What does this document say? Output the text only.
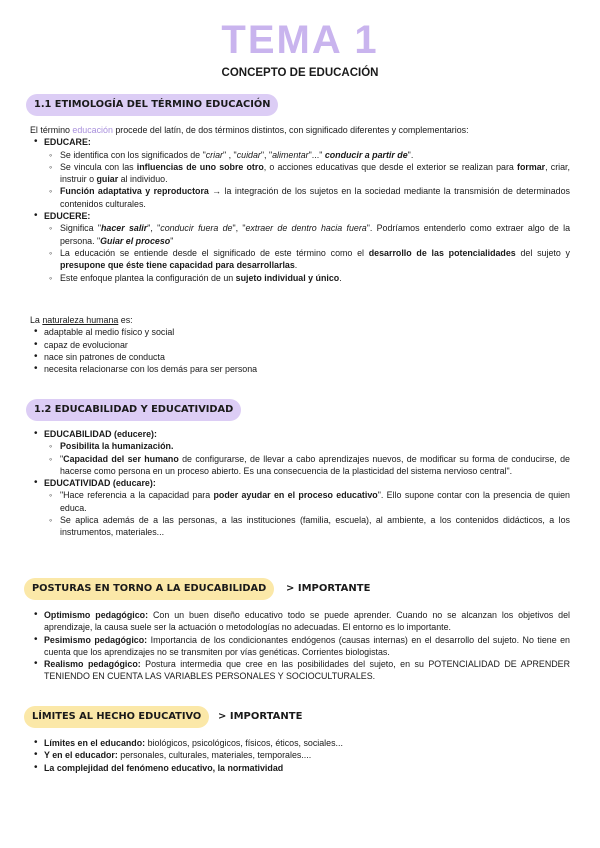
TEMA 1
CONCEPTO DE EDUCACIÓN
1.1 ETIMOLOGÍA DEL TÉRMINO EDUCACIÓN

El término educación procede del latín, de dos términos distintos, con significado diferentes y complementarios:

• EDUCARE:
◦ Se identifica con los significados de "criar" , "cuidar", "alimentar"..." conducir a partir de".
◦ Se vincula con las influencias de uno sobre otro, o acciones educativas que desde el exterior se realizan para formar, criar, instruir o guiar al individuo.
◦ Función adaptativa y reproductora → la integración de los sujetos en la sociedad mediante la transmisión de determinados contenidos culturales.
• EDUCERE:
◦ Significa "hacer salir", "conducir fuera de", "extraer de dentro hacia fuera". Podríamos entenderlo como extraer algo de la persona. "Guiar el proceso"
◦ La educación se entiende desde el significado de este término como el desarrollo de las potencialidades del sujeto y presupone que éste tiene capacidad para desarrollarlas.
◦ Este enfoque plantea la configuración de un sujeto individual y único.

La naturaleza humana es:

• adaptable al medio físico y social
• capaz de evolucionar
• nace sin patrones de conducta
• necesita relacionarse con los demás para ser persona
1.2 EDUCABILIDAD Y EDUCATIVIDAD
• EDUCABILIDAD (educere):
◦ Posibilita la humanización.
◦ "Capacidad del ser humano de configurarse, de llevar a cabo aprendizajes nuevos, de modificar su forma de conducirse, de hacerse como persona en un proceso abierto. Es una consecuencia de la plasticidad del sistema nervioso central".
• EDUCATIVIDAD (educare):
◦ "Hace referencia a la capacidad para poder ayudar en el proceso educativo". Ello supone contar con la presencia de quien educa.
◦ Se aplica además de a las personas, a las instituciones (familia, escuela), al ambiente, a los contenidos didácticos, a los instrumentos, materiales...
POSTURAS EN TORNO A LA EDUCABILIDAD	> IMPORTANTE
• Optimismo pedagógico: Con un buen diseño educativo todo se puede aprender. Cuando no se alcanzan los objetivos del aprendizaje, la causa suele ser la actuación o metodologías no adecuadas. El entorno es lo importante.
• Pesimismo pedagógico: Importancia de los condicionantes endógenos (causas internas) en el desarrollo del sujeto. No tiene en cuenta que los aprendizajes no se transmiten por vías genéticas. Corrientes biologistas.
• Realismo pedagógico: Postura intermedia que cree en las posibilidades del sujeto, en su POTENCIALIDAD DE APRENDER TENIENDO EN CUENTA LAS VARIABLES PERSONALES Y SOCIOCULTURALES.
LÍMITES AL HECHO EDUCATIVO	> IMPORTANTE
• Límites en el educando: biológicos, psicológicos, físicos, éticos, sociales...
• Y en el educador: personales, culturales, materiales, temporales....
• La complejidad del fenómeno educativo, la normatividad
